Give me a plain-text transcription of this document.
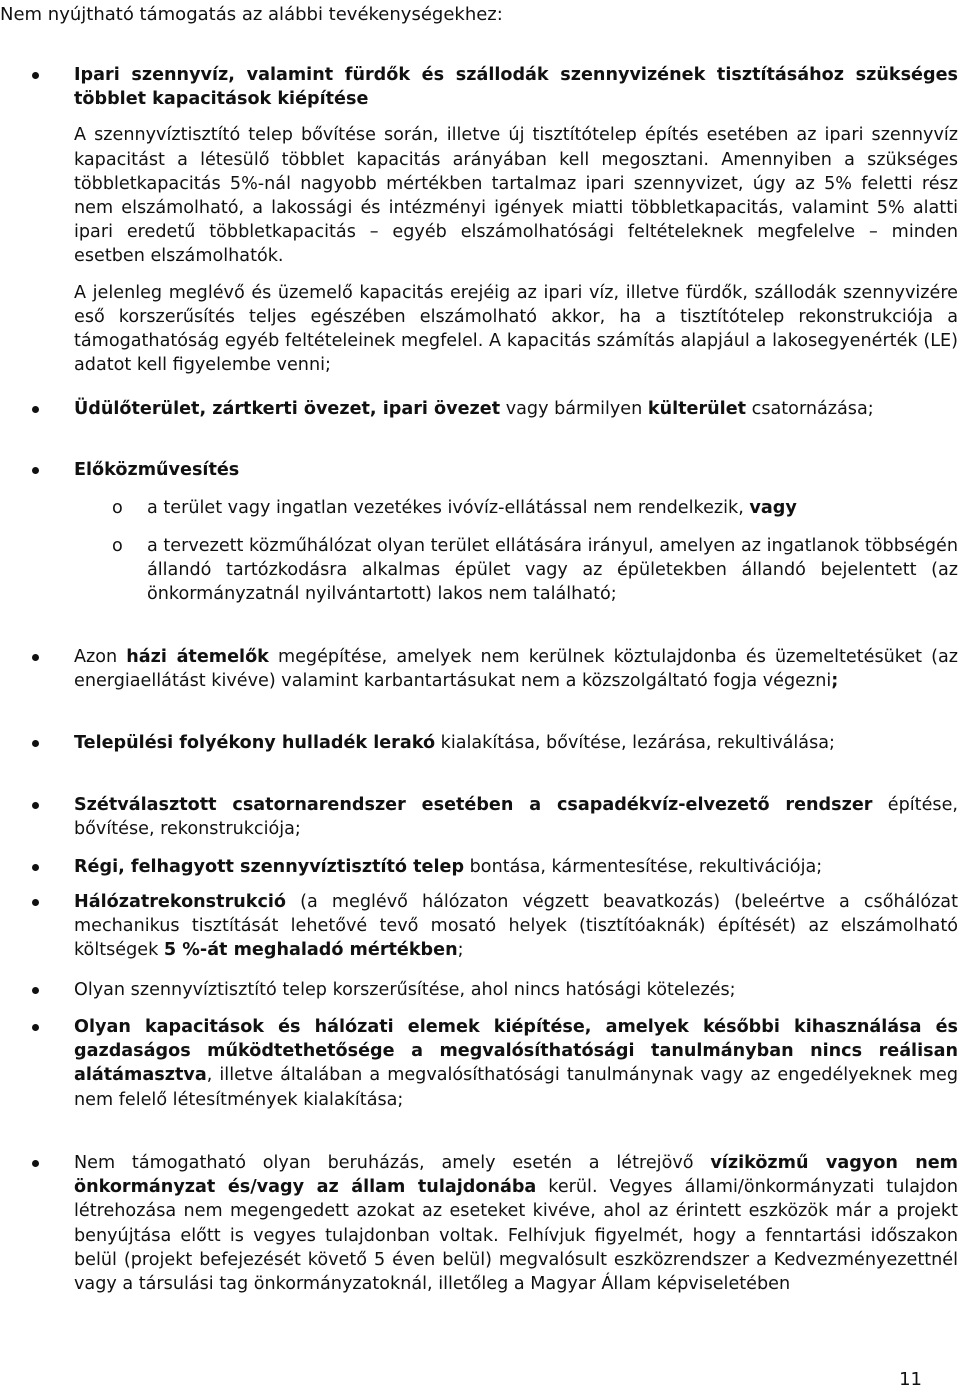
Nem nyújtható támogatás az alábbi tevékenységekhez:

Ipari szennyvíz, valamint fürdők és szállodák szennyvizének tisztításához szükséges többlet kapacitások kiépítése

A szennyvíztisztító telep bővítése során, illetve új tisztítótelep építés esetében az ipari szennyvíz kapacitást a létesülő többlet kapacitás arányában kell megosztani. Amennyiben a szükséges többletkapacitás 5%-nál nagyobb mértékben tartalmaz ipari szennyvizet, úgy az 5% feletti rész nem elszámolható, a lakossági és intézményi igények miatti többletkapacitás, valamint 5% alatti ipari eredetű többletkapacitás – egyéb elszámolhatósági feltételeknek megfelelve – minden esetben elszámolhatók.

A jelenleg meglévő és üzemelő kapacitás erejéig az ipari víz, illetve fürdők, szállodák szennyvizére eső korszerűsítés teljes egészében elszámolható akkor, ha a tisztítótelep rekonstrukciója a támogathatóság egyéb feltételeinek megfelel. A kapacitás számítás alapjául a lakosegyenérték (LE) adatot kell figyelembe venni;

Üdülőterület, zártkerti övezet, ipari övezet vagy bármilyen külterület csatornázása;

Előközművesítés

o a terület vagy ingatlan vezetékes ivóvíz-ellátással nem rendelkezik, vagy
o a tervezett közműhálózat olyan terület ellátására irányul, amelyen az ingatlanok többségén állandó tartózkodásra alkalmas épület vagy az épületekben állandó bejelentett (az önkormányzatnál nyilvántartott) lakos nem található;

Azon házi átemelők megépítése, amelyek nem kerülnek köztulajdonba és üzemeltetésüket (az energiaellátást kivéve) valamint karbantartásukat nem a közszolgáltató fogja végezni;

Települési folyékony hulladék lerakó kialakítása, bővítése, lezárása, rekultiválása;

Szétválasztott csatornarendszer esetében a csapadékvíz-elvezető rendszer építése, bővítése, rekonstrukciója;

Régi, felhagyott szennyvíztisztító telep bontása, kármentesítése, rekultivációja;

Hálózatrekonstrukció (a meglévő hálózaton végzett beavatkozás) (beleértve a csőhálózat mechanikus tisztítását lehetővé tevő mosató helyek (tisztítóaknák) építését) az elszámolható költségek 5 %-át meghaladó mértékben;

Olyan szennyvíztisztító telep korszerűsítése, ahol nincs hatósági kötelezés;

Olyan kapacitások és hálózati elemek kiépítése, amelyek későbbi kihasználása és gazdaságos működtethetősége a megvalósíthatósági tanulmányban nincs reálisan alátámasztva, illetve általában a megvalósíthatósági tanulmánynak vagy az engedélyeknek meg nem felelő létesítmények kialakítása;

Nem támogatható olyan beruházás, amely esetén a létrejövő víziközmű vagyon nem önkormányzat és/vagy az állam tulajdonába kerül. Vegyes állami/önkormányzati tulajdon létrehozása nem megengedett azokat az eseteket kivéve, ahol az érintett eszközök már a projekt benyújtása előtt is vegyes tulajdonban voltak. Felhívjuk figyelmét, hogy a fenntartási időszakon belül (projekt befejezését követő 5 éven belül) megvalósult eszközrendszer a Kedvezményezettnél vagy a társulási tag önkormányzatoknál, illetőleg a Magyar Állam képviseletében

11
